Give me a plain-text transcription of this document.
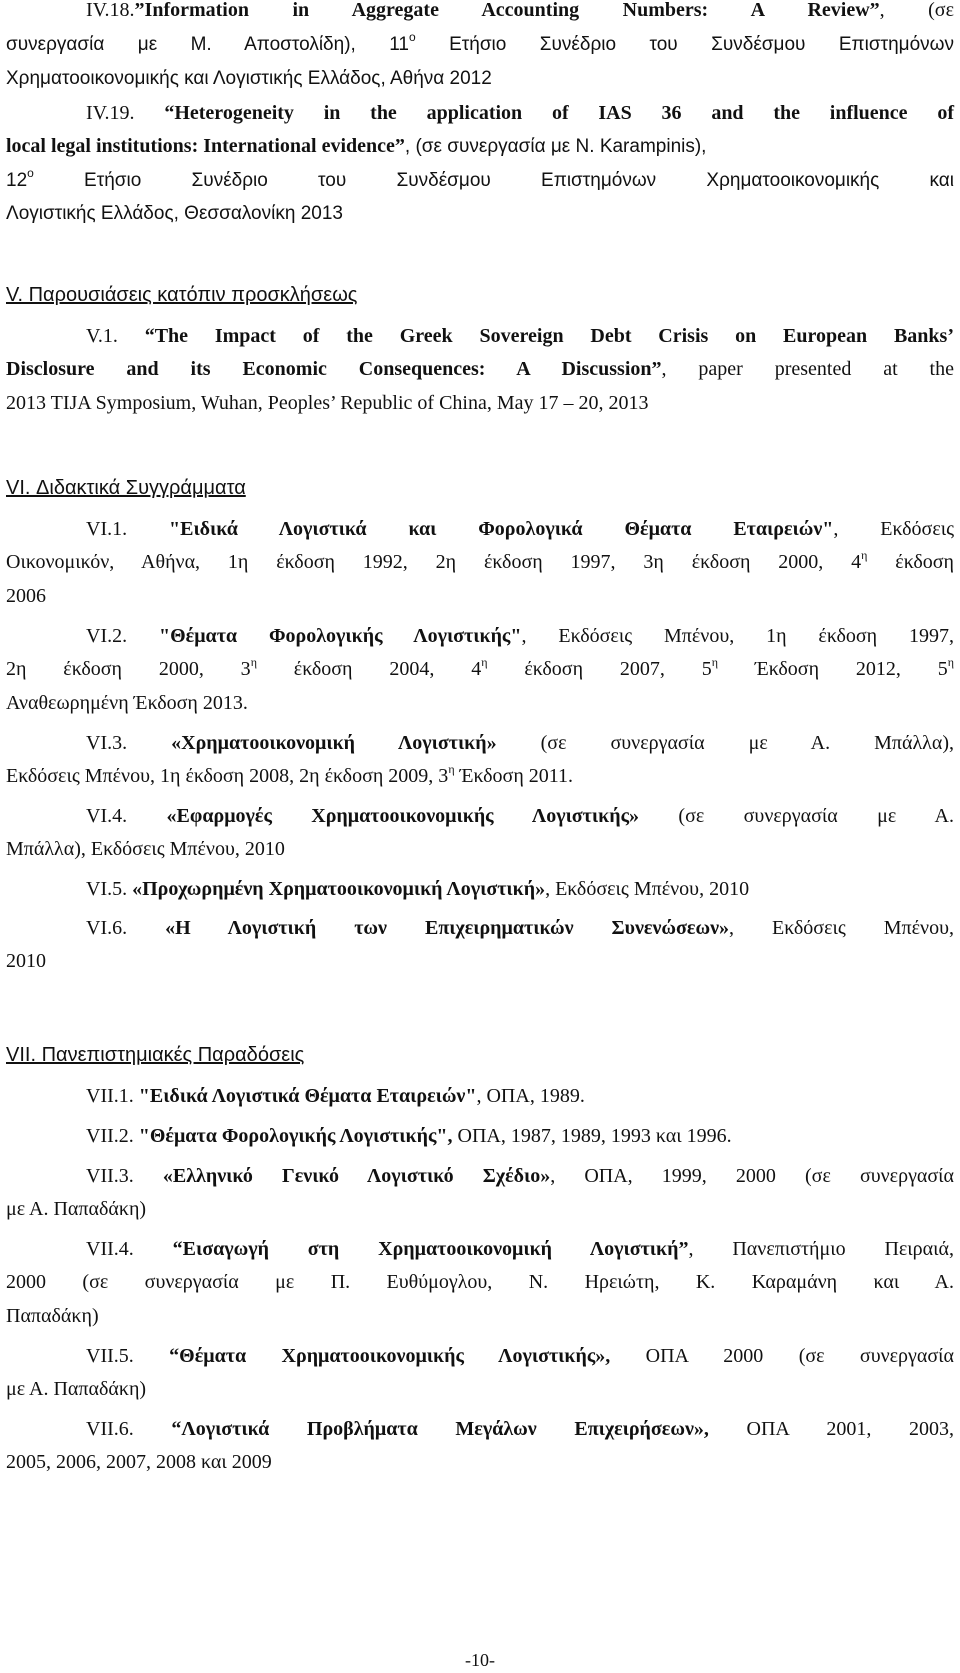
IV.18.”Information in Aggregate Accounting Numbers: A Review”, (σε
συνεργασία με Μ. Αποστολίδη), $11^o$ Ετήσιο Συνέδριο του Συνδέσμου Επιστημόνων
Χρηματοοικονομικής και Λογιστικής Ελλάδος, Αθήνα 2012
IV.19. “Heterogeneity in the application of IAS 36 and the influence of
local legal institutions: International evidence”, (σε συνεργασία με N. Karampinis),
$12^o$ Ετήσιο Συνέδριο του Συνδέσμου Επιστημόνων Χρηματοοικονομικής και
Λογιστικής Ελλάδος, Θεσσαλονίκη 2013
V. Παρουσιάσεις κατόπιν προσκλήσεως
V.1. “The Impact of the Greek Sovereign Debt Crisis on European Banks’
Disclosure and its Economic Consequences: A Discussion”, paper presented at the
2013 TIJA Symposium, Wuhan, Peoples’ Republic of China, May 17 – 20, 2013
VI. Διδακτικά Συγγράμματα
VI.1. "Ειδικά Λογιστικά και Φορολογικά Θέματα Εταιρειών", Εκδόσεις
Οικονομικόν, Αθήνα, 1η έκδοση 1992, 2η έκδοση 1997, 3η έκδοση 2000, $4^\eta$ έκδοση
2006
VI.2. "Θέματα Φορολογικής Λογιστικής", Εκδόσεις Μπένου, 1η έκδοση 1997,
2η έκδοση 2000, $3^\eta$ έκδοση 2004, $4^\eta$ έκδοση 2007, $5^\eta$ Έκδοση 2012, $5^\eta$
Αναθεωρημένη Έκδοση 2013.
VI.3. «Χρηματοοικονομική Λογιστική» (σε συνεργασία με Α. Μπάλλα),
Εκδόσεις Μπένου, 1η έκδοση 2008, 2η έκδοση 2009, $3^\eta$ Έκδοση 2011.
VI.4. «Εφαρμογές Χρηματοοικονομικής Λογιστικής» (σε συνεργασία με Α.
Μπάλλα), Εκδόσεις Μπένου, 2010
VI.5. «Προχωρημένη Χρηματοοικονομική Λογιστική», Εκδόσεις Μπένου, 2010
VI.6. «Η Λογιστική των Επιχειρηματικών Συνενώσεων», Εκδόσεις Μπένου,
2010
VII. Πανεπιστημιακές Παραδόσεις
VII.1. "Ειδικά Λογιστικά Θέματα Εταιρειών", ΟΠΑ, 1989.
VII.2. "Θέματα Φορολογικής Λογιστικής", ΟΠΑ, 1987, 1989, 1993 και 1996.
VII.3. «Ελληνικό Γενικό Λογιστικό Σχέδιο», ΟΠΑ, 1999, 2000 (σε συνεργασία
με Α. Παπαδάκη)
VII.4. “Εισαγωγή στη Χρηματοοικονομική Λογιστική”, Πανεπιστήμιο Πειραιά,
2000 (σε συνεργασία με Π. Ευθύμογλου, Ν. Ηρειώτη, Κ. Καραμάνη και Α.
Παπαδάκη)
VII.5. “Θέματα Χρηματοοικονομικής Λογιστικής», ΟΠΑ 2000 (σε συνεργασία
με Α. Παπαδάκη)
VII.6. “Λογιστικά Προβλήματα Μεγάλων Επιχειρήσεων», ΟΠΑ 2001, 2003,
2005, 2006, 2007, 2008 και 2009
-10-
